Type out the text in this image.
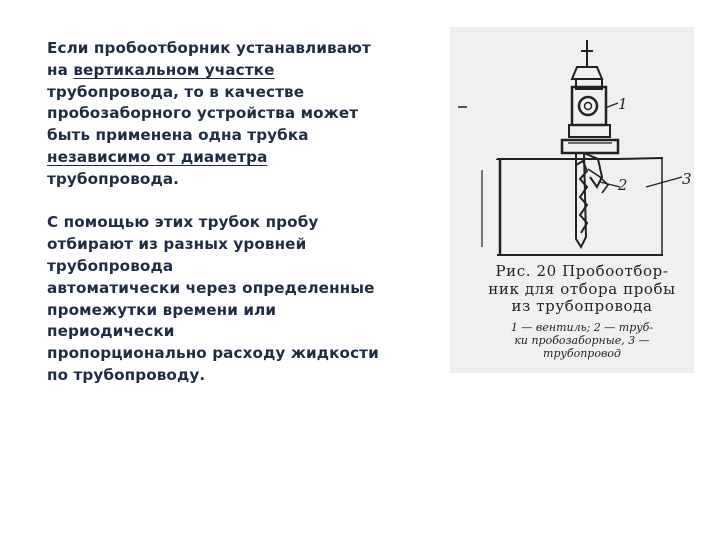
Если пробоотборник устанавливают
на вертикальном участке
трубопровода, то в качестве
пробозаборного устройства может
быть применена одна трубка
независимо от диаметра
трубопровода.
С помощью этих трубок пробу
отбирают из разных уровней
трубопровода
автоматически через определенные
промежутки времени или
периодически
пропорционально расходу жидкости
по трубопроводу.
1
2	3
Рис. 20 Пробоотбор-
ник для отбора пробы
из трубопровода
1 — вентиль; 2 — труб-
ки пробозаборные, 3 —
трубопровод
